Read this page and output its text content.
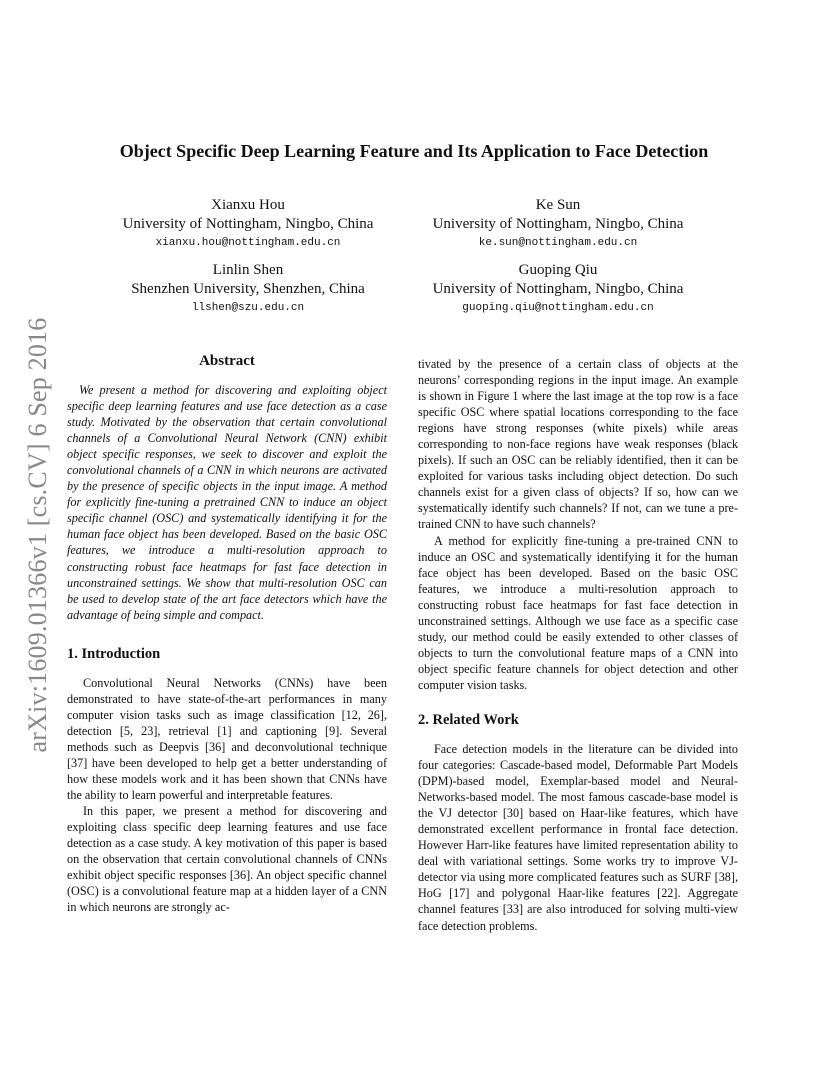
arXiv:1609.01366v1 [cs.CV] 6 Sep 2016
Object Specific Deep Learning Feature and Its Application to Face Detection
Xianxu Hou
University of Nottingham, Ningbo, China
xianxu.hou@nottingham.edu.cn
Ke Sun
University of Nottingham, Ningbo, China
ke.sun@nottingham.edu.cn
Linlin Shen
Shenzhen University, Shenzhen, China
llshen@szu.edu.cn
Guoping Qiu
University of Nottingham, Ningbo, China
guoping.qiu@nottingham.edu.cn
Abstract

We present a method for discovering and exploiting object specific deep learning features and use face detection as a case study. Motivated by the observation that certain convolutional channels of a Convolutional Neural Network (CNN) exhibit object specific responses, we seek to discover and exploit the convolutional channels of a CNN in which neurons are activated by the presence of specific objects in the input image. A method for explicitly fine-tuning a pretrained CNN to induce an object specific channel (OSC) and systematically identifying it for the human face object has been developed. Based on the basic OSC features, we introduce a multi-resolution approach to constructing robust face heatmaps for fast face detection in unconstrained settings. We show that multi-resolution OSC can be used to develop state of the art face detectors which have the advantage of being simple and compact.

1. Introduction

Convolutional Neural Networks (CNNs) have been demonstrated to have state-of-the-art performances in many computer vision tasks such as image classification [12, 26], detection [5, 23], retrieval [1] and captioning [9]. Several methods such as Deepvis [36] and deconvolutional technique [37] have been developed to help get a better understanding of how these models work and it has been shown that CNNs have the ability to learn powerful and interpretable features.

In this paper, we present a method for discovering and exploiting class specific deep learning features and use face detection as a case study. A key motivation of this paper is based on the observation that certain convolutional channels of CNNs exhibit object specific responses [36]. An object specific channel (OSC) is a convolutional feature map at a hidden layer of a CNN in which neurons are strongly ac-

tivated by the presence of a certain class of objects at the neurons’ corresponding regions in the input image. An example is shown in Figure 1 where the last image at the top row is a face specific OSC where spatial locations corresponding to the face regions have strong responses (white pixels) while areas corresponding to non-face regions have weak responses (black pixels). If such an OSC can be reliably identified, then it can be exploited for various tasks including object detection. Do such channels exist for a given class of objects? If so, how can we systematically identify such channels? If not, can we tune a pre-trained CNN to have such channels?

A method for explicitly fine-tuning a pre-trained CNN to induce an OSC and systematically identifying it for the human face object has been developed. Based on the basic OSC features, we introduce a multi-resolution approach to constructing robust face heatmaps for fast face detection in unconstrained settings. Although we use face as a specific case study, our method could be easily extended to other classes of objects to turn the convolutional feature maps of a CNN into object specific feature channels for object detection and other computer vision tasks.

2. Related Work

Face detection models in the literature can be divided into four categories: Cascade-based model, Deformable Part Models (DPM)-based model, Exemplar-based model and Neural-Networks-based model. The most famous cascade-base model is the VJ detector [30] based on Haar-like features, which have demonstrated excellent performance in frontal face detection. However Harr-like features have limited representation ability to deal with variational settings. Some works try to improve VJ-detector via using more complicated features such as SURF [38], HoG [17] and polygonal Haar-like features [22]. Aggregate channel features [33] are also introduced for solving multi-view face detection problems.
